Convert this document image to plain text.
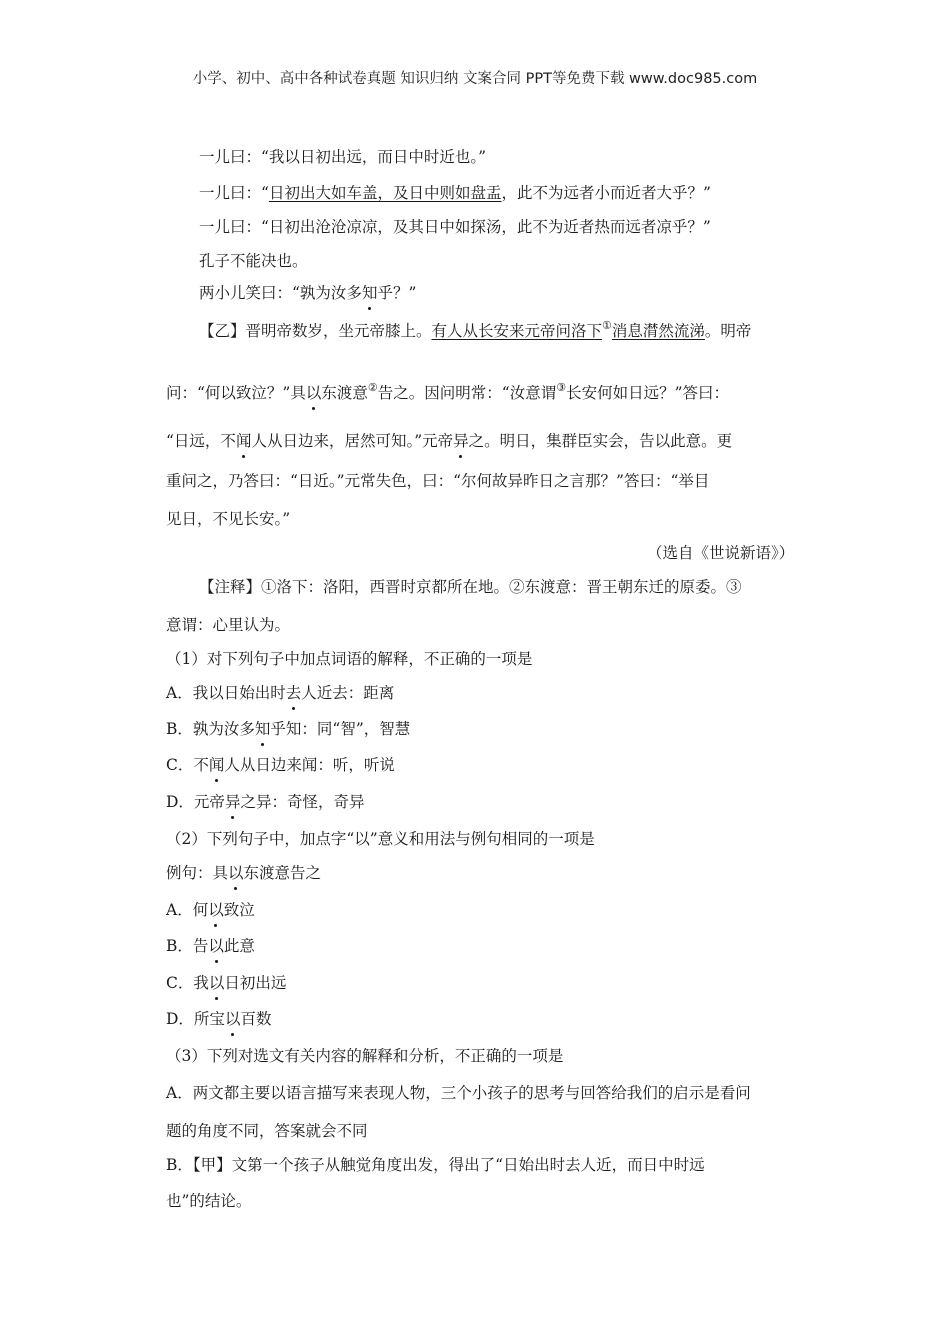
小学、初中、高中各种试卷真题 知识归纳 文案合同 PPT等免费下载 www.doc985.com
一儿曰：“我以日初出远，而日中时近也。”
一儿曰：“日初出大如车盖，及日中则如盘盂，此不为远者小而近者大乎？”
一儿曰：“日初出沧沧凉凉，及其日中如探汤，此不为近者热而远者凉乎？”
孔子不能决也。
两小儿笑曰：“孰为汝多知乎？”
【乙】晋明帝数岁，坐元帝膝上。有人从长安来元帝问洛下①消息潸然流涕。明帝
问：“何以致泣？”具以东渡意②告之。因问明常：“汝意谓③长安何如日远？”答曰：
“日远，不闻人从日边来，居然可知。”元帝异之。明日，集群臣实会，告以此意。更
重问之，乃答曰：“日近。”元常失色，曰：“尔何故异昨日之言那？”答曰：“举目
见日，不见长安。”
（选自《世说新语》）
【注释】①洛下：洛阳，西晋时京都所在地。②东渡意：晋王朝东迁的原委。③
意谓：心里认为。
（1）对下列句子中加点词语的解释，不正确的一项是
A．我以日始出时去人近去：距离
B．孰为汝多知乎知：同“智”，智慧
C．不闻人从日边来闻：听，听说
D．元帝异之异：奇怪，奇异
（2）下列句子中，加点字“以”意义和用法与例句相同的一项是
例句：具以东渡意告之
A．何以致泣
B．告以此意
C．我以日初出远
D．所宝以百数
（3）下列对选文有关内容的解释和分析，不正确的一项是
A．两文都主要以语言描写来表现人物，三个小孩子的思考与回答给我们的启示是看问
题的角度不同，答案就会不同
B．【甲】文第一个孩子从触觉角度出发，得出了“日始出时去人近，而日中时远
也”的结论。
